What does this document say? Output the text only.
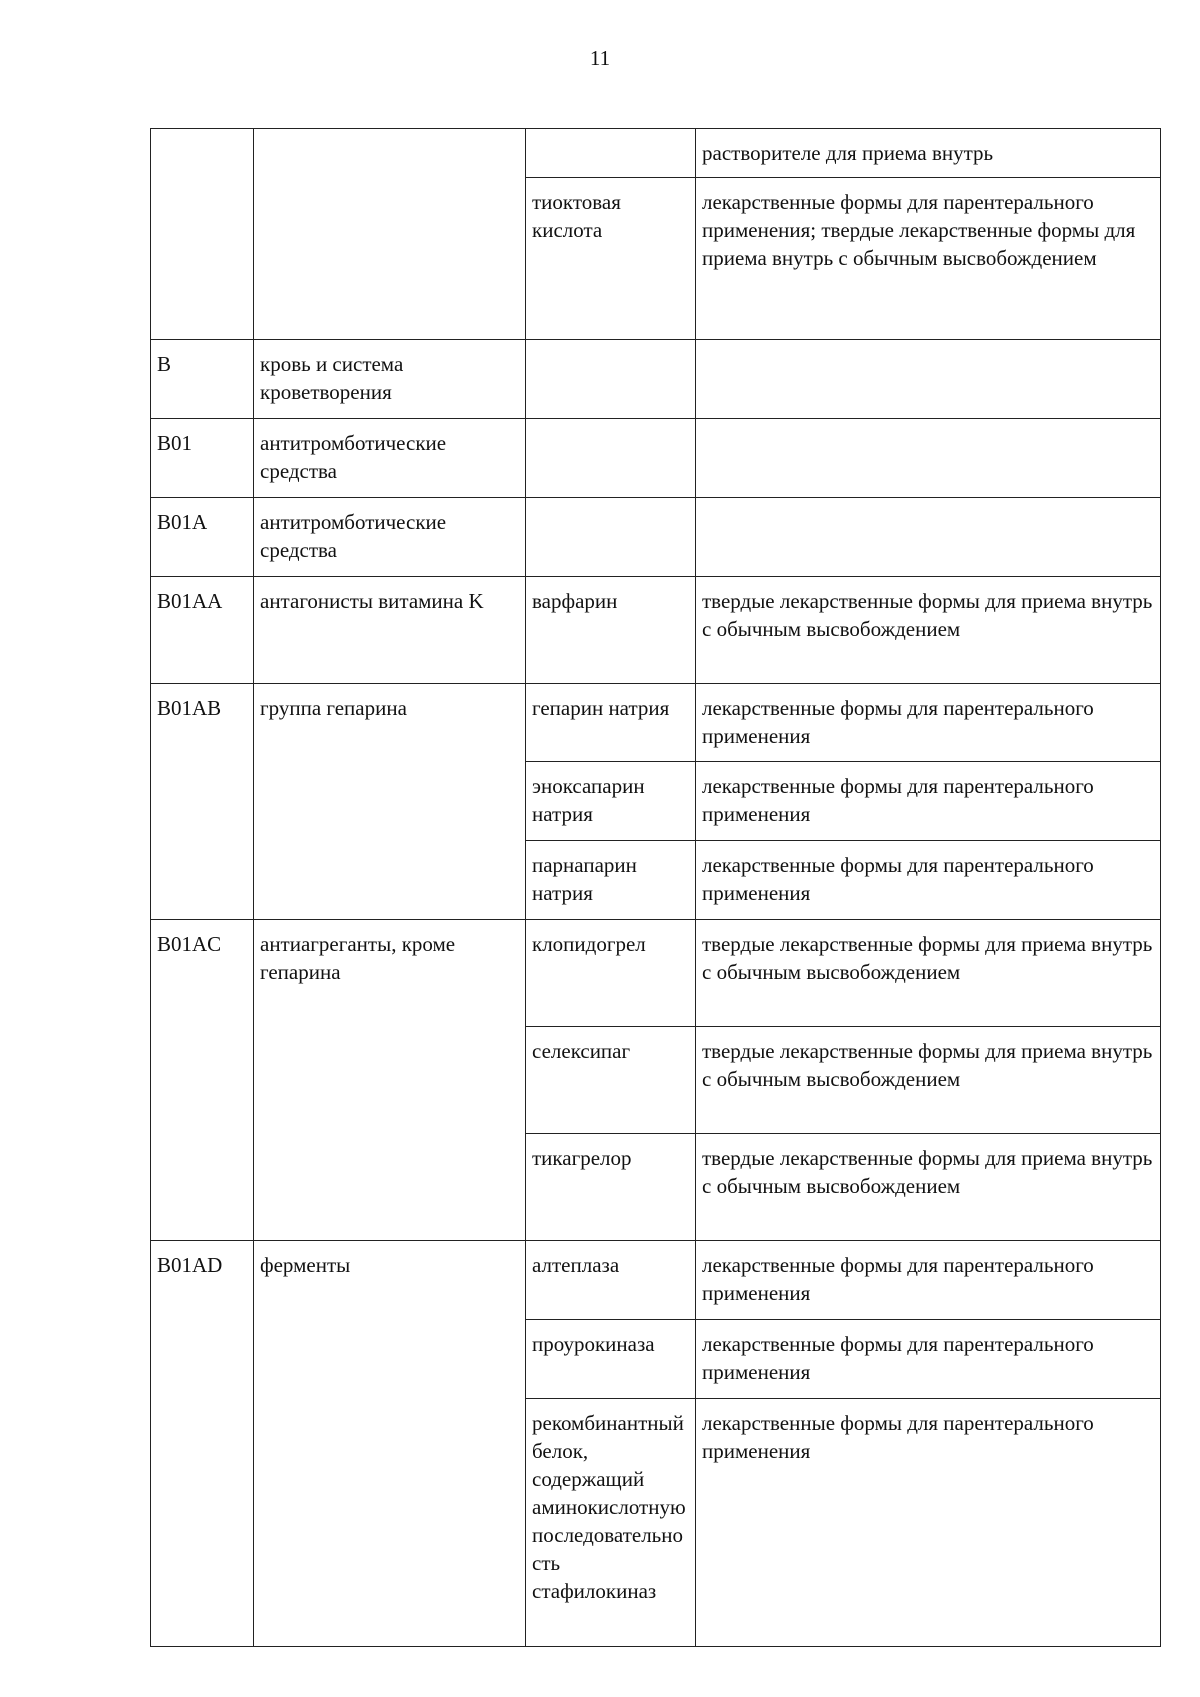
11
			растворителе для приема внутрь
		тиоктовая кислота	лекарственные формы для парентерального применения; твердые лекарственные формы для приема внутрь с обычным высвобождением
B	кровь и система кроветворения		
B01	антитромботические средства		
B01A	антитромботические средства		
B01AA	антагонисты витамина K	варфарин	твердые лекарственные формы для приема внутрь с обычным высвобождением
B01AB	группа гепарина	гепарин натрия	лекарственные формы для парентерального применения
		эноксапарин натрия	лекарственные формы для парентерального применения
		парнапарин натрия	лекарственные формы для парентерального применения
B01AC	антиагреганты, кроме гепарина	клопидогрел	твердые лекарственные формы для приема внутрь с обычным высвобождением
		селексипаг	твердые лекарственные формы для приема внутрь с обычным высвобождением
		тикагрелор	твердые лекарственные формы для приема внутрь с обычным высвобождением
B01AD	ферменты	алтеплаза	лекарственные формы для парентерального применения
		проурокиназа	лекарственные формы для парентерального применения
		рекомбинантный белок, содержащий аминокислотную последовательность стафилокиназ	лекарственные формы для парентерального применения
